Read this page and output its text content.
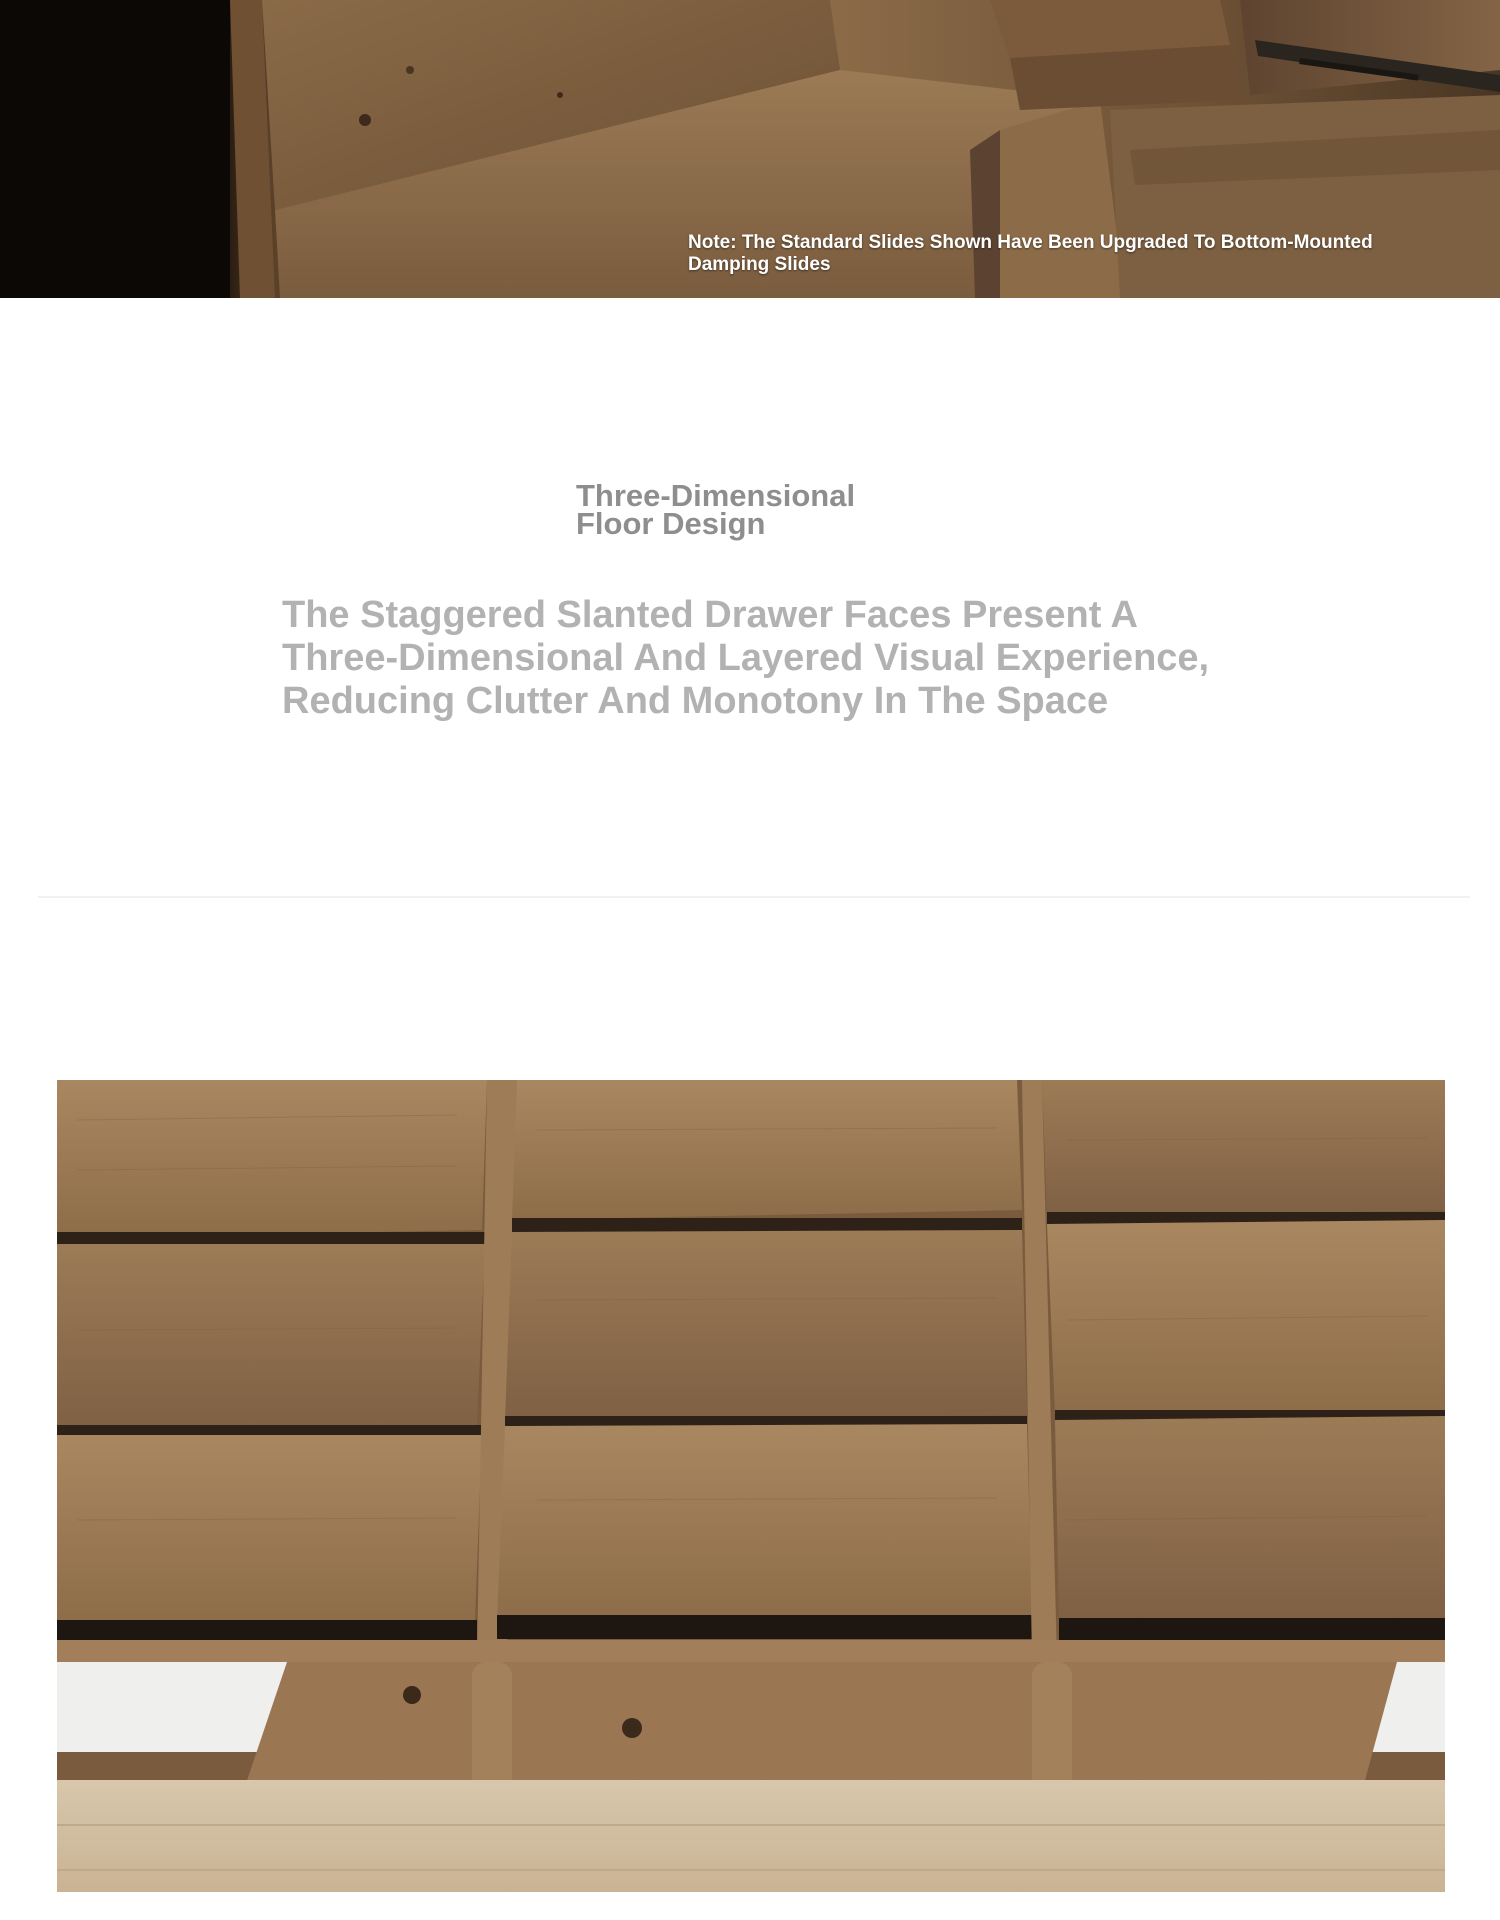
Note: The Standard Slides Shown Have Been Upgraded To Bottom-Mounted Damping Slides
Three-Dimensional
Floor Design

The Staggered Slanted Drawer Faces Present A Three-Dimensional And Layered Visual Experience, Reducing Clutter And Monotony In The Space
